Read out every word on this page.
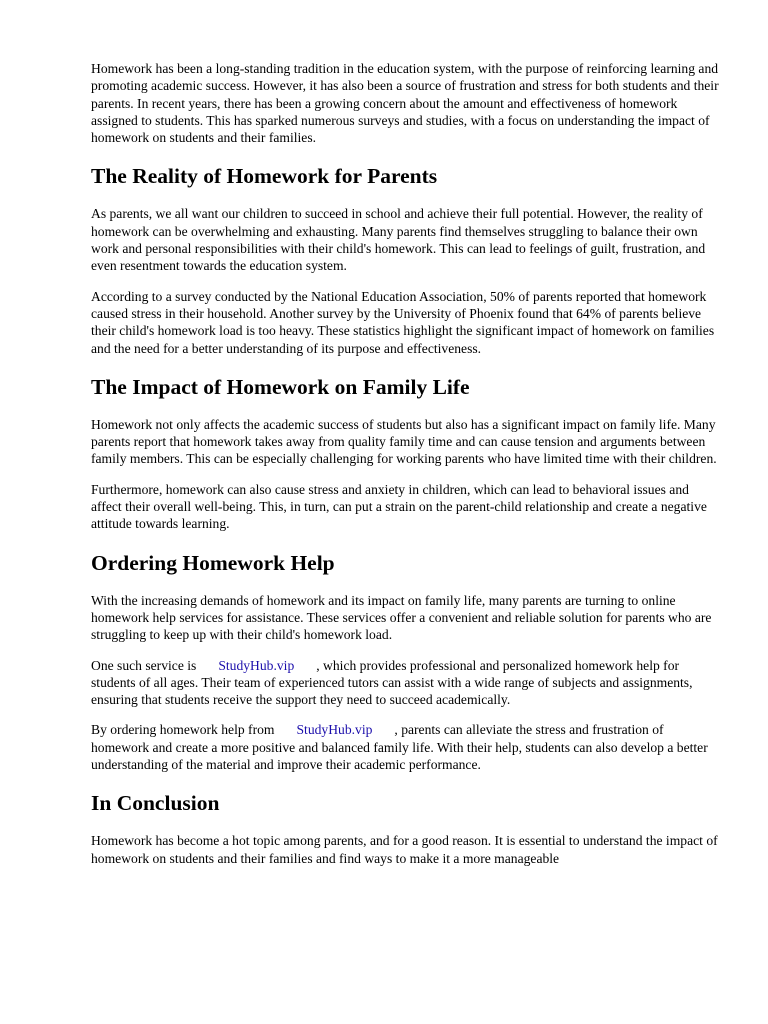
Homework has been a long-standing tradition in the education system, with the purpose of reinforcing learning and promoting academic success. However, it has also been a source of frustration and stress for both students and their parents. In recent years, there has been a growing concern about the amount and effectiveness of homework assigned to students. This has sparked numerous surveys and studies, with a focus on understanding the impact of homework on students and their families.

The Reality of Homework for Parents

As parents, we all want our children to succeed in school and achieve their full potential. However, the reality of homework can be overwhelming and exhausting. Many parents find themselves struggling to balance their own work and personal responsibilities with their child's homework. This can lead to feelings of guilt, frustration, and even resentment towards the education system.

According to a survey conducted by the National Education Association, 50% of parents reported that homework caused stress in their household. Another survey by the University of Phoenix found that 64% of parents believe their child's homework load is too heavy. These statistics highlight the significant impact of homework on families and the need for a better understanding of its purpose and effectiveness.

The Impact of Homework on Family Life

Homework not only affects the academic success of students but also has a significant impact on family life. Many parents report that homework takes away from quality family time and can cause tension and arguments between family members. This can be especially challenging for working parents who have limited time with their children.

Furthermore, homework can also cause stress and anxiety in children, which can lead to behavioral issues and affect their overall well-being. This, in turn, can put a strain on the parent-child relationship and create a negative attitude towards learning.

Ordering Homework Help

With the increasing demands of homework and its impact on family life, many parents are turning to online homework help services for assistance. These services offer a convenient and reliable solution for parents who are struggling to keep up with their child's homework load.

One such service is StudyHub.vip , which provides professional and personalized homework help for students of all ages. Their team of experienced tutors can assist with a wide range of subjects and assignments, ensuring that students receive the support they need to succeed academically.

By ordering homework help from StudyHub.vip , parents can alleviate the stress and frustration of homework and create a more positive and balanced family life. With their help, students can also develop a better understanding of the material and improve their academic performance.

In Conclusion

Homework has become a hot topic among parents, and for a good reason. It is essential to understand the impact of homework on students and their families and find ways to make it a more manageable
